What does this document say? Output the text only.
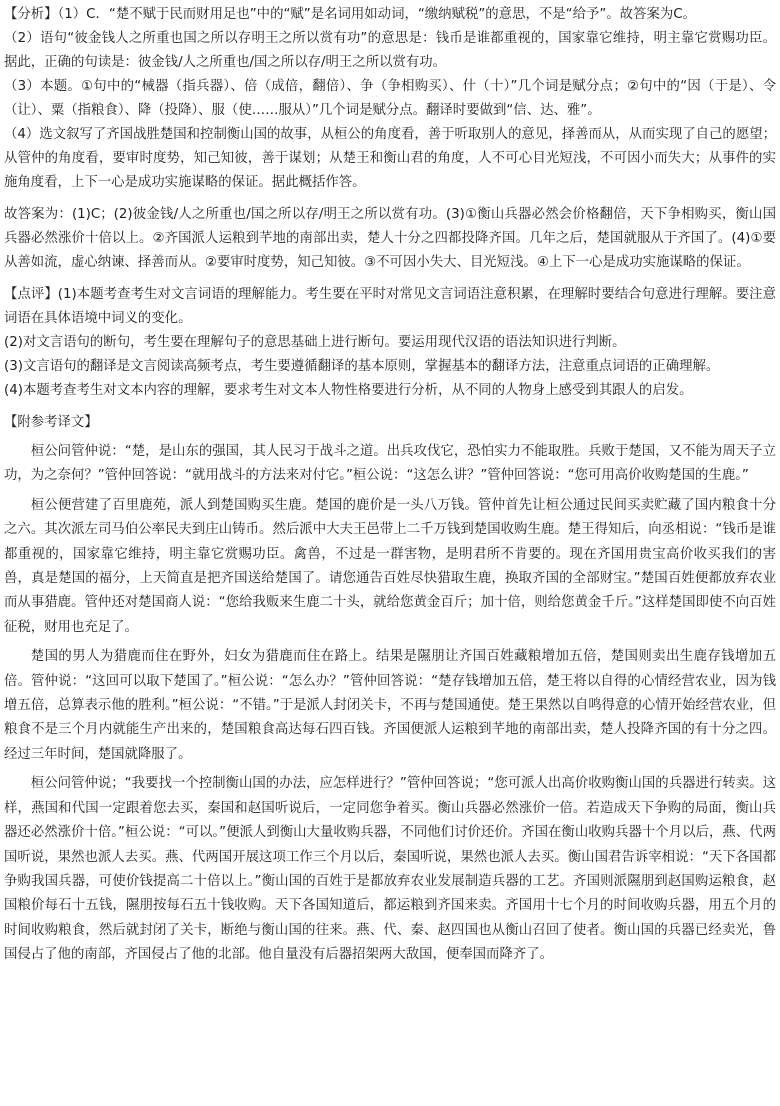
【分析】（1）C．“楚不赋于民而财用足也”中的“赋”是名词用如动词，“缴纳赋税”的意思，不是“给予”。故答案为C。

（2）语句“彼金钱人之所重也国之所以存明王之所以赏有功”的意思是：钱币是谁都重视的，国家靠它维持，明主靠它赏赐功臣。据此，正确的句读是：彼金钱/人之所重也/国之所以存/明王之所以赏有功。

（3）本题。①句中的“械器（指兵器）、倍（成倍，翻倍）、争（争相购买）、什（十）”几个词是赋分点；②句中的“因（于是）、令（让）、粟（指粮食）、降（投降）、服（使……服从）”几个词是赋分点。翻译时要做到“信、达、雅”。

（4）选文叙写了齐国战胜楚国和控制衡山国的故事，从桓公的角度看，善于听取别人的意见，择善而从，从而实现了自己的愿望；从管仲的角度看，要审时度势，知己知彼，善于谋划；从楚王和衡山君的角度，人不可心目光短浅，不可因小而失大；从事件的实施角度看，上下一心是成功实施谋略的保证。据此概括作答。

故答案为：(1)C；(2)彼金钱/人之所重也/国之所以存/明王之所以赏有功。(3)①衡山兵器必然会价格翻倍，天下争相购买，衡山国兵器必然涨价十倍以上。②齐国派人运粮到芊地的南部出卖，楚人十分之四都投降齐国。几年之后，楚国就服从于齐国了。(4)①要从善如流，虚心纳谏、择善而从。②要审时度势，知己知彼。③不可因小失大、目光短浅。④上下一心是成功实施谋略的保证。

【点评】(1)本题考查考生对文言词语的理解能力。考生要在平时对常见文言词语注意积累，在理解时要结合句意进行理解。要注意词语在具体语境中词义的变化。

(2)对文言语句的断句，考生要在理解句子的意思基础上进行断句。要运用现代汉语的语法知识进行判断。

(3)文言语句的翻译是文言阅读高频考点，考生要遵循翻译的基本原则，掌握基本的翻译方法，注意重点词语的正确理解。

(4)本题考查考生对文本内容的理解，要求考生对文本人物性格要进行分析，从不同的人物身上感受到其跟人的启发。

【附参考译文】

桓公问管仲说：“楚，是山东的强国，其人民习于战斗之道。出兵攻伐它，恐怕实力不能取胜。兵败于楚国，又不能为周天子立功，为之奈何？”管仲回答说：“就用战斗的方法来对付它。”桓公说：“这怎么讲？”管仲回答说：“您可用高价收购楚国的生鹿。”

桓公便营建了百里鹿苑，派人到楚国购买生鹿。楚国的鹿价是一头八万钱。管仲首先让桓公通过民间买卖贮藏了国内粮食十分之六。其次派左司马伯公率民夫到庄山铸币。然后派中大夫王邑带上二千万钱到楚国收购生鹿。楚王得知后，向丞相说：“钱币是谁都重视的，国家靠它维持，明主靠它赏赐功臣。禽兽，不过是一群害物，是明君所不肯要的。现在齐国用贵宝高价收买我们的害兽，真是楚国的福分，上天简直是把齐国送给楚国了。请您通告百姓尽快猎取生鹿，换取齐国的全部财宝。”楚国百姓便都放弃农业而从事猎鹿。管仲还对楚国商人说：“您给我贩来生鹿二十头，就给您黄金百斤；加十倍，则给您黄金千斤。”这样楚国即使不向百姓征税，财用也充足了。

楚国的男人为猎鹿而住在野外，妇女为猎鹿而住在路上。结果是隰朋让齐国百姓藏粮增加五倍，楚国则卖出生鹿存钱增加五倍。管仲说：“这回可以取下楚国了。”桓公说：“怎么办？”管仲回答说：“楚存钱增加五倍，楚王将以自得的心情经营农业，因为钱增五倍，总算表示他的胜利。”桓公说：“不错。”于是派人封闭关卡，不再与楚国通使。楚王果然以自鸣得意的心情开始经营农业，但粮食不是三个月内就能生产出来的，楚国粮食高达每石四百钱。齐国便派人运粮到芊地的南部出卖，楚人投降齐国的有十分之四。经过三年时间，楚国就降服了。

桓公问管仲说；“我要找一个控制衡山国的办法，应怎样进行？”管仲回答说；“您可派人出高价收购衡山国的兵器进行转卖。这样，燕国和代国一定跟着您去买，秦国和赵国听说后，一定同您争着买。衡山兵器必然涨价一倍。若造成天下争购的局面，衡山兵器还必然涨价十倍。”桓公说：“可以。”便派人到衡山大量收购兵器，不同他们讨价还价。齐国在衡山收购兵器十个月以后，燕、代两国听说，果然也派人去买。燕、代两国开展这项工作三个月以后，秦国听说，果然也派人去买。衡山国君告诉宰相说：“天下各国都争购我国兵器，可使价钱提高二十倍以上。”衡山国的百姓于是都放弃农业发展制造兵器的工艺。齐国则派隰朋到赵国购运粮食，赵国粮价每石十五钱，隰朋按每石五十钱收购。天下各国知道后，都运粮到齐国来卖。齐国用十七个月的时间收购兵器，用五个月的时间收购粮食，然后就封闭了关卡，断绝与衡山国的往来。燕、代、秦、赵四国也从衡山召回了使者。衡山国的兵器已经卖光，鲁国侵占了他的南部，齐国侵占了他的北部。他自量没有后器招架两大敌国，便奉国而降齐了。
